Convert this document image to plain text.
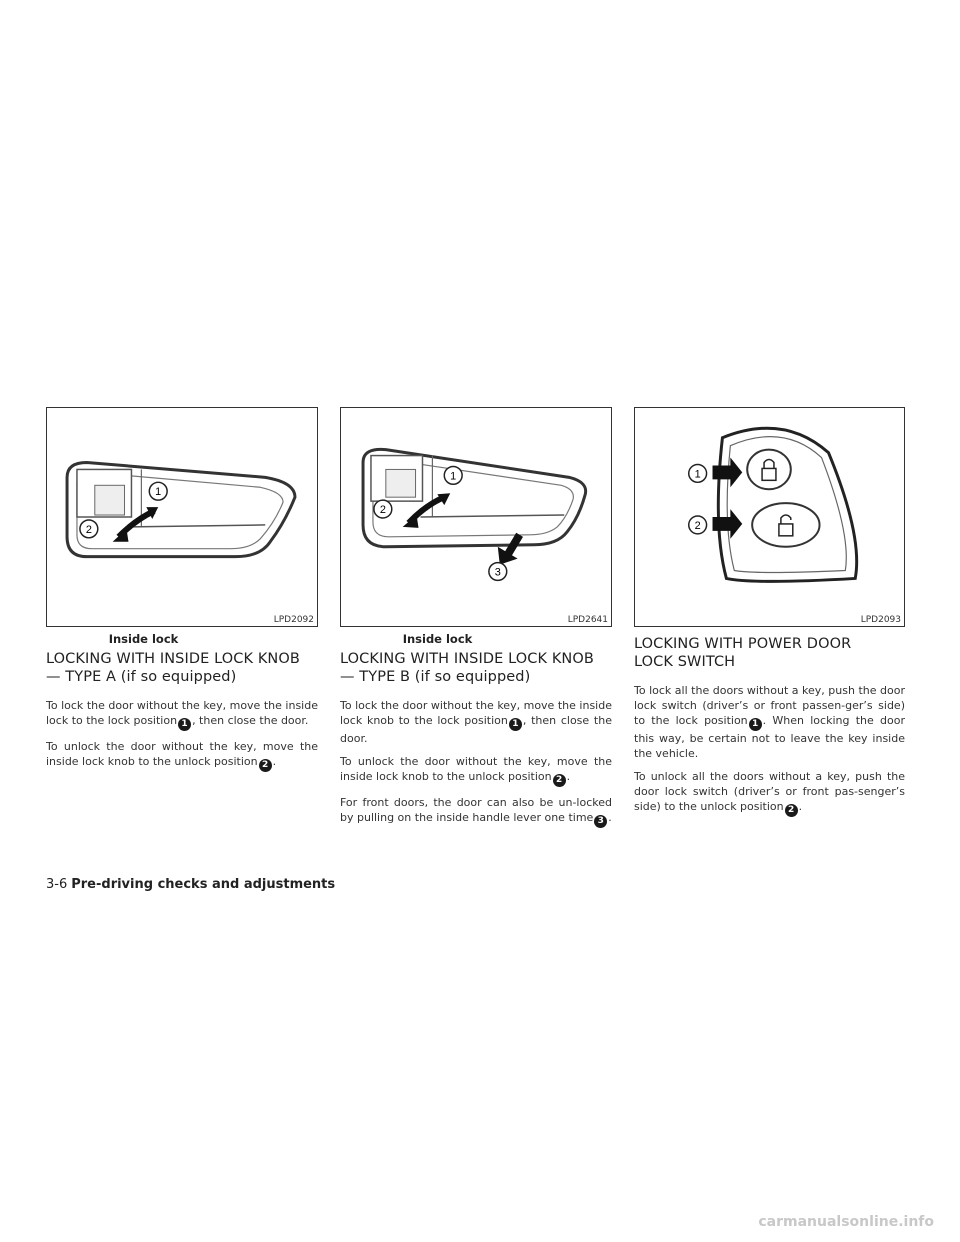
1
2
LPD2092
Inside lock
LOCKING WITH INSIDE LOCK KNOB
— TYPE A (if so equipped)

To lock the door without the key, move the inside lock to the lock position 1 , then close the door.

To unlock the door without the key, move the inside lock knob to the unlock position 2 .

1
2
3
LPD2641
Inside lock
LOCKING WITH INSIDE LOCK KNOB
— TYPE B (if so equipped)

To lock the door without the key, move the inside lock knob to the lock position 1 , then close the door.

To unlock the door without the key, move the inside lock knob to the unlock position 2 .

For front doors, the door can also be un-locked by pulling on the inside handle lever one time 3 .

1
2
LPD2093
LOCKING WITH POWER DOOR
LOCK SWITCH

To lock all the doors without a key, push the door lock switch (driver’s or front passen-ger’s side) to the lock position 1 . When locking the door this way, be certain not to leave the key inside the vehicle.

To unlock all the doors without a key, push the door lock switch (driver’s or front pas-senger’s side) to the unlock position 2 .

3-6 Pre-driving checks and adjustments
carmanualsonline.info
